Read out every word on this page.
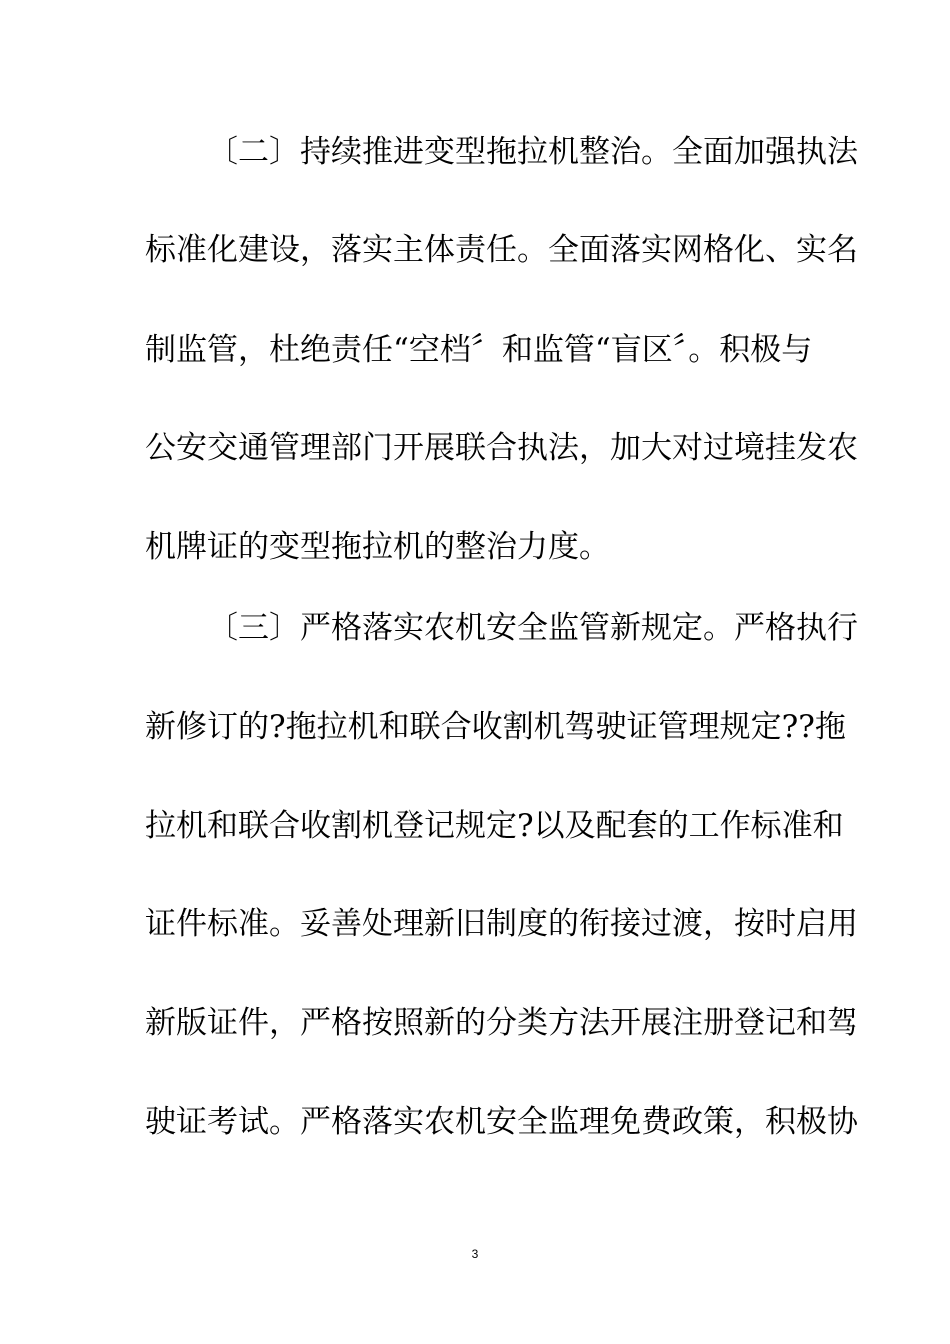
〔二〕持续推进变型拖拉机整治。全面加强执法
标准化建设，落实主体责任。全面落实网格化、实名
制监管，杜绝责任“空档〞和监管“盲区〞。积极与
公安交通管理部门开展联合执法，加大对过境挂发农
机牌证的变型拖拉机的整治力度。
〔三〕严格落实农机安全监管新规定。严格执行
新修订的?拖拉机和联合收割机驾驶证管理规定??拖
拉机和联合收割机登记规定?以及配套的工作标准和
证件标准。妥善处理新旧制度的衔接过渡，按时启用
新版证件，严格按照新的分类方法开展注册登记和驾
驶证考试。严格落实农机安全监理免费政策，积极协
3
